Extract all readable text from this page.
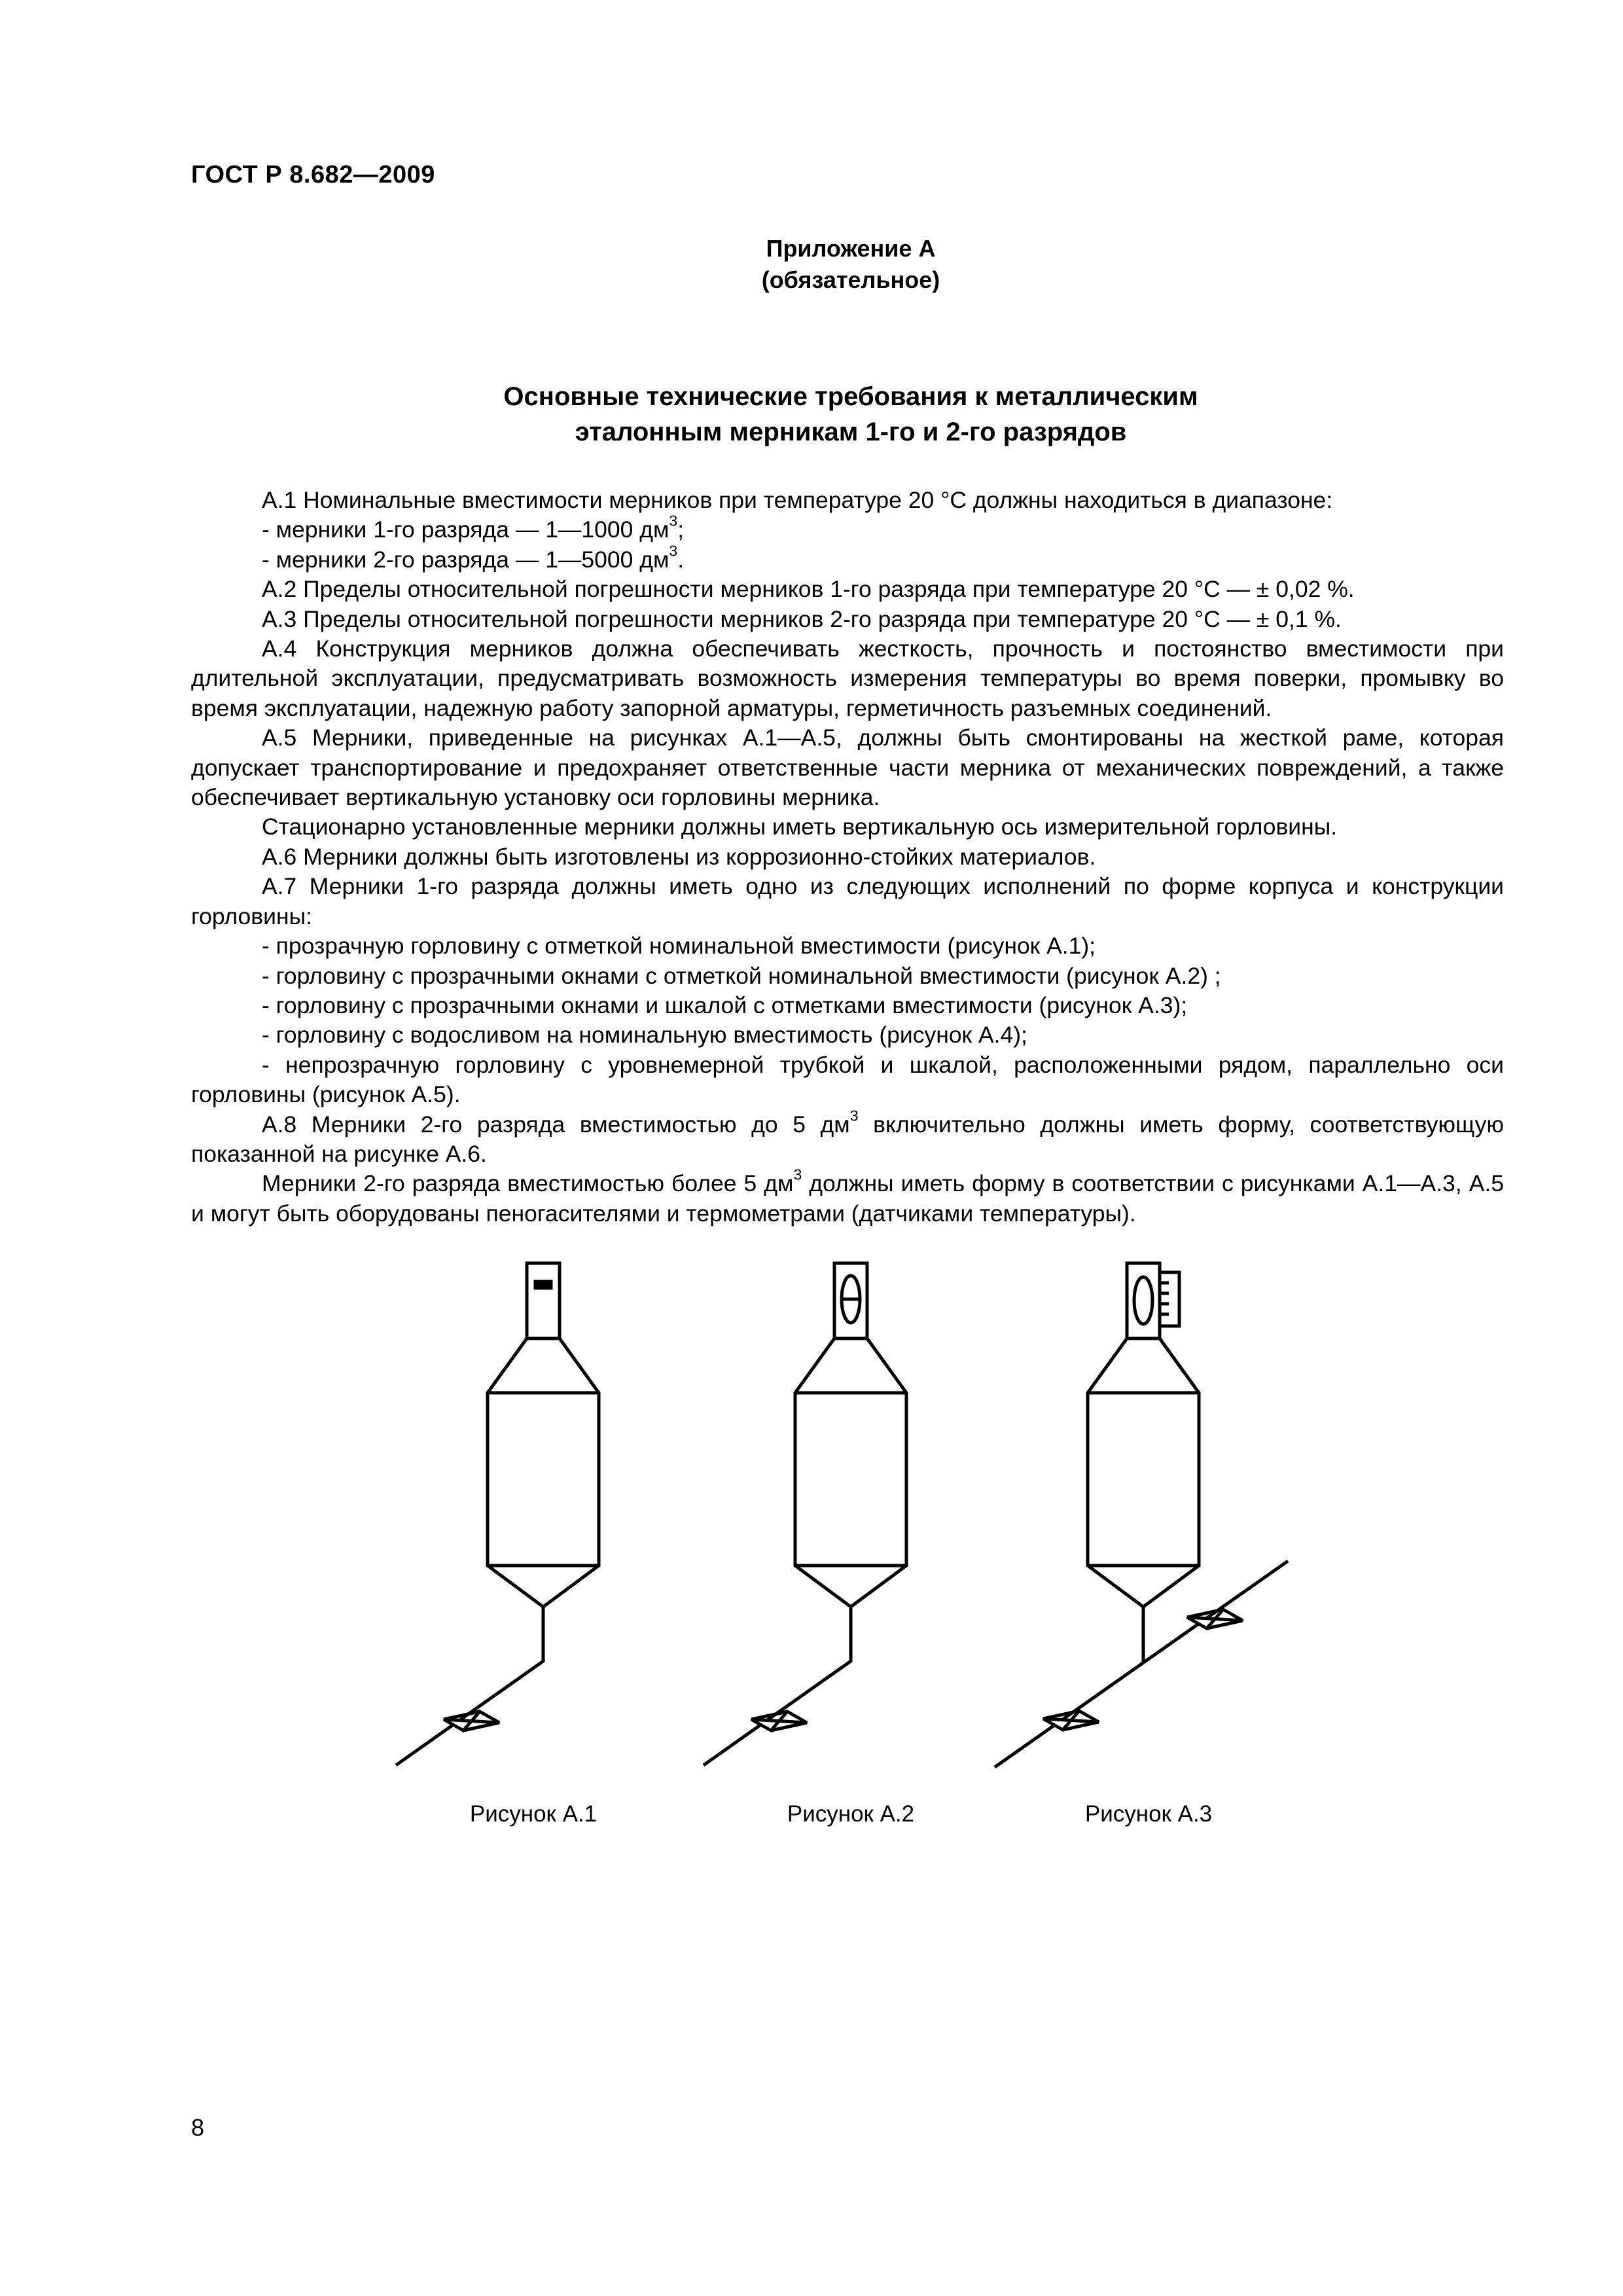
ГОСТ Р 8.682—2009
Приложение А
(обязательное)
Основные технические требования к металлическим
эталонным мерникам 1-го и 2-го разрядов

А.1 Номинальные вместимости мерников при температуре 20 °С должны находиться в диапазоне:

- мерники 1-го разряда — 1—1000 $дм^3$;

- мерники 2-го разряда — 1—5000 $дм^3$.

А.2 Пределы относительной погрешности мерников 1-го разряда при температуре 20 °С — ± 0,02 %.

А.3 Пределы относительной погрешности мерников 2-го разряда при температуре 20 °С — ± 0,1 %.

А.4 Конструкция мерников должна обеспечивать жесткость, прочность и постоянство вместимости при длительной эксплуатации, предусматривать возможность измерения температуры во время поверки, промывку во время эксплуатации, надежную работу запорной арматуры, герметичность разъемных соединений.

А.5 Мерники, приведенные на рисунках А.1—А.5, должны быть смонтированы на жесткой раме, которая допускает транспортирование и предохраняет ответственные части мерника от механических повреждений, а также обеспечивает вертикальную установку оси горловины мерника.

Стационарно установленные мерники должны иметь вертикальную ось измерительной горловины.

А.6 Мерники должны быть изготовлены из коррозионно-стойких материалов.

А.7 Мерники 1-го разряда должны иметь одно из следующих исполнений по форме корпуса и конструкции горловины:

- прозрачную горловину с отметкой номинальной вместимости (рисунок А.1);

- горловину с прозрачными окнами с отметкой номинальной вместимости (рисунок А.2) ;

- горловину с прозрачными окнами и шкалой с отметками вместимости (рисунок А.3);

- горловину с водосливом на номинальную вместимость (рисунок А.4);

- непрозрачную горловину с уровнемерной трубкой и шкалой, расположенными рядом, параллельно оси горловины (рисунок А.5).

А.8 Мерники 2-го разряда вместимостью до 5 $дм^3$ включительно должны иметь форму, соответствующую показанной на рисунке А.6.

Мерники 2-го разряда вместимостью более 5 $дм^3$ должны иметь форму в соответствии с рисунками А.1—А.3, А.5 и могут быть оборудованы пеногасителями и термометрами (датчиками температуры).

Рисунок А.1	Рисунок А.2	Рисунок А.3
8
